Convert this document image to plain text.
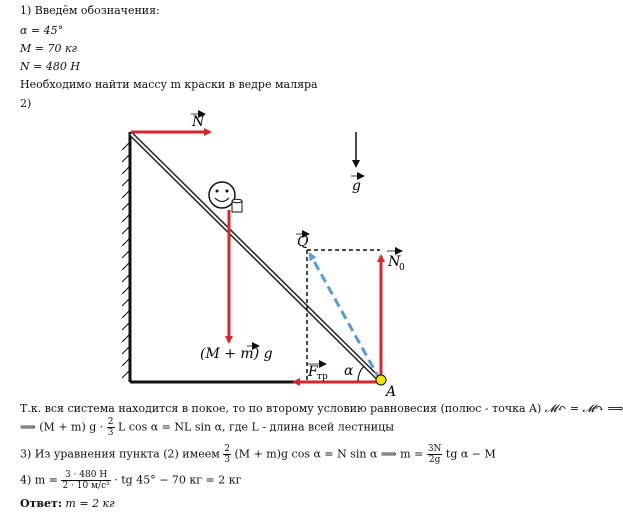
1) Введём обозначения:
α = 45°
M = 70 кг
N = 480 Н
Необходимо найти массу m краски в ведре маляра
2)
N
g
(M + m) g
Q
N
0
F тр α
A
Т.к. вся система находится в покое, то по второму условию равновесия (полюс - точка A) 𝓜↶ = 𝓜↷ ⟹
⟹ (M + m) $g \cdot \frac{2}{3}$ L cos α = NL sin α, где L - длина всей лестницы
3) Из уравнения пункта (2) имеем $\frac{2}{3} (M + m)g$ cos α = N sin α ⟹ $m = \frac{3N}{2g}$ tg α − M
4) $m = \frac{3 \cdot 480 Н}{\text{2 · 10 м/с²}}$ · tg 45° − 70 кг = 2 кг
Ответ: m = 2 кг
